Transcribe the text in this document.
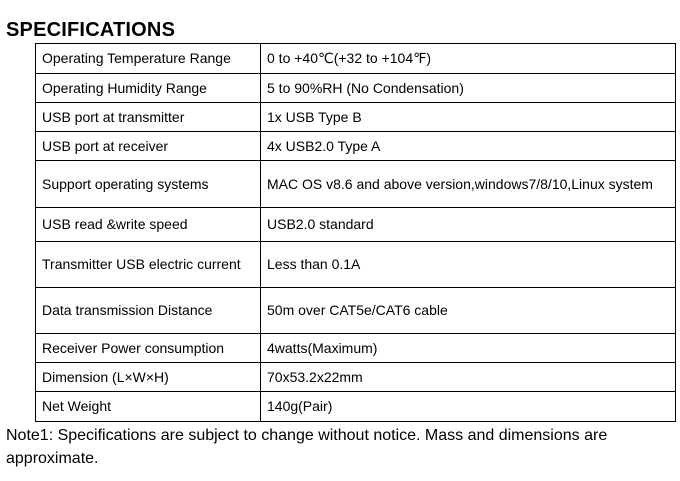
SPECIFICATIONS
Operating Temperature Range	0 to +40℃(+32 to +104℉)
Operating Humidity Range	5 to 90%RH (No Condensation)
USB port at transmitter	1x USB Type B
USB port at receiver	4x USB2.0 Type A
Support operating systems	MAC OS v8.6 and above version,windows7/8/10,Linux system
USB read &write speed	USB2.0 standard
Transmitter USB electric current	Less than 0.1A
Data transmission Distance	50m over CAT5e/CAT6 cable
Receiver Power consumption	4watts(Maximum)
Dimension (L×W×H)	70x53.2x22mm
Net Weight	140g(Pair)
Note1: Specifications are subject to change without notice. Mass and dimensions are
approximate.
